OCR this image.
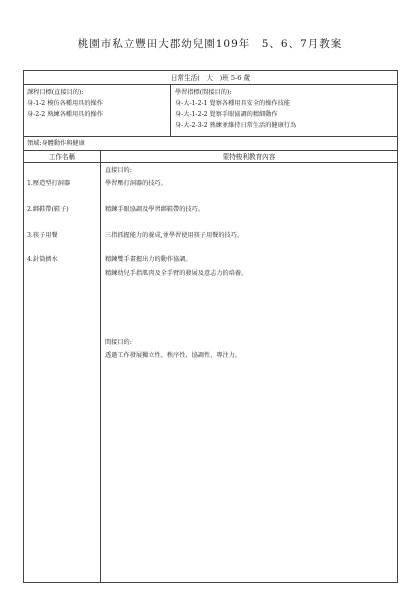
桃園市私立豐田大郡幼兒園109年　5、6、7月教案
日常生活(　大　)班 5-6 歲
課程目標(直接目的):
身-1-2 模仿各種用具的操作
身-2-2 熟練各種用具的操作
學習指標(間接目的):
身-大-1-2-1 覺察各種用具安全的操作技能
身-大-1-2-2 覺察手眼協調的精細動作
身-大-2-3-2 熟練並維持日常生活的健康行為
領域:身體動作與健康
工作名稱	蒙特梭利教育內容
1.壓造型打洞器
2.綁鞋帶(鞋子)
3.筷子用餐
4.針筒擠水
直接目的:
學習壓打洞器的技巧。
精鍊手眼協調及學習綁鞋帶的技巧。
三指抓握能力的養成,並學習使用筷子用餐的技巧。
精鍊雙手畫握出力的動作協調。
精鍊幼兒手指肌肉及全手臂的發展及意志力的培養。
間接目的:
透過工作發展獨立性、秩序性、協調性、專注力。
